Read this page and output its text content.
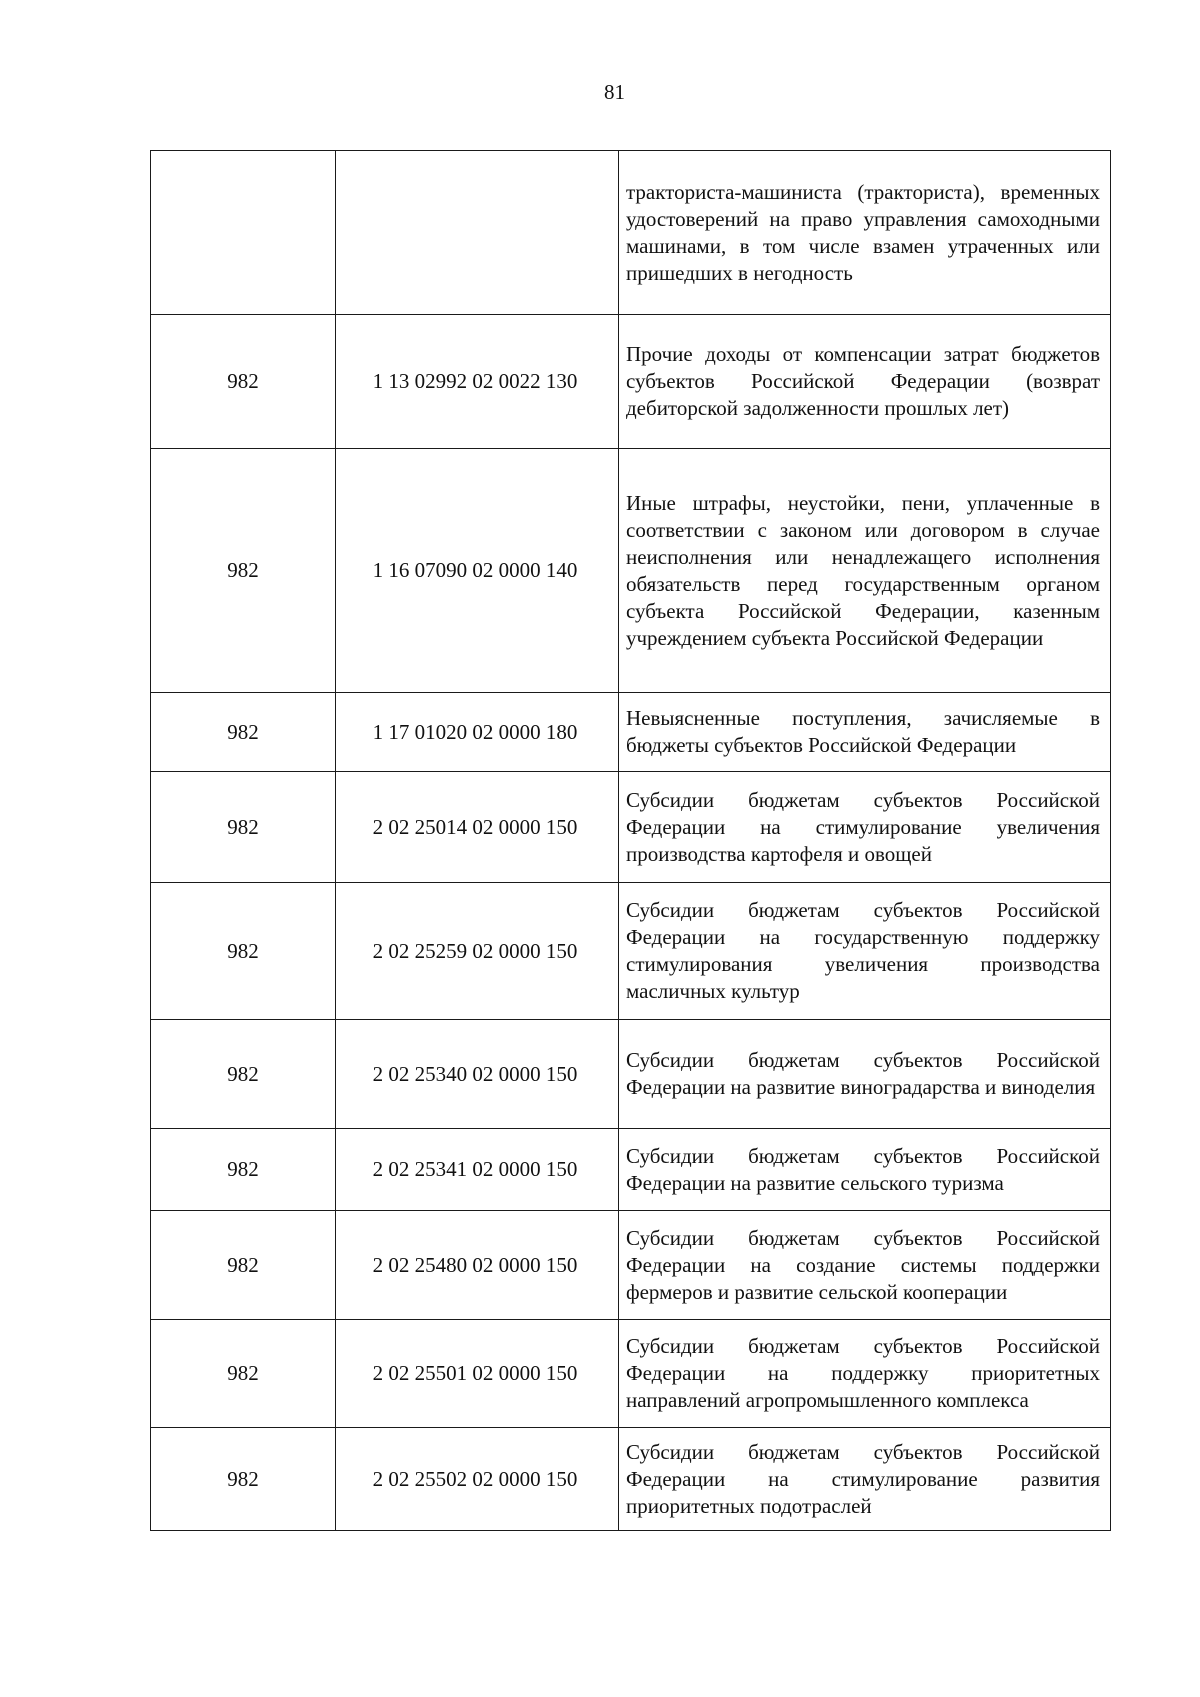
81
		тракториста-машиниста (тракториста), временных удостоверений на право управления самоходными машинами, в том числе взамен утраченных или пришедших в негодность
982	1 13 02992 02 0022 130	Прочие доходы от компенсации затрат бюджетов субъектов Российской Федерации (возврат дебиторской задолженности прошлых лет)
982	1 16 07090 02 0000 140	Иные штрафы, неустойки, пени, уплаченные в соответствии с законом или договором в случае неисполнения или ненадлежащего исполнения обязательств перед государственным органом субъекта Российской Федерации, казенным учреждением субъекта Российской Федерации
982	1 17 01020 02 0000 180	Невыясненные поступления, зачисляемые в бюджеты субъектов Российской Федерации
982	2 02 25014 02 0000 150	Субсидии бюджетам субъектов Российской Федерации на стимулирование увеличения производства картофеля и овощей
982	2 02 25259 02 0000 150	Субсидии бюджетам субъектов Российской Федерации на государственную поддержку стимулирования увеличения производства масличных культур
982	2 02 25340 02 0000 150	Субсидии бюджетам субъектов Российской Федерации на развитие виноградарства и виноделия
982	2 02 25341 02 0000 150	Субсидии бюджетам субъектов Российской Федерации на развитие сельского туризма
982	2 02 25480 02 0000 150	Субсидии бюджетам субъектов Российской Федерации на создание системы поддержки фермеров и развитие сельской кооперации
982	2 02 25501 02 0000 150	Субсидии бюджетам субъектов Российской Федерации на поддержку приоритетных направлений агропромышленного комплекса
982	2 02 25502 02 0000 150	Субсидии бюджетам субъектов Российской Федерации на стимулирование развития приоритетных подотраслей
